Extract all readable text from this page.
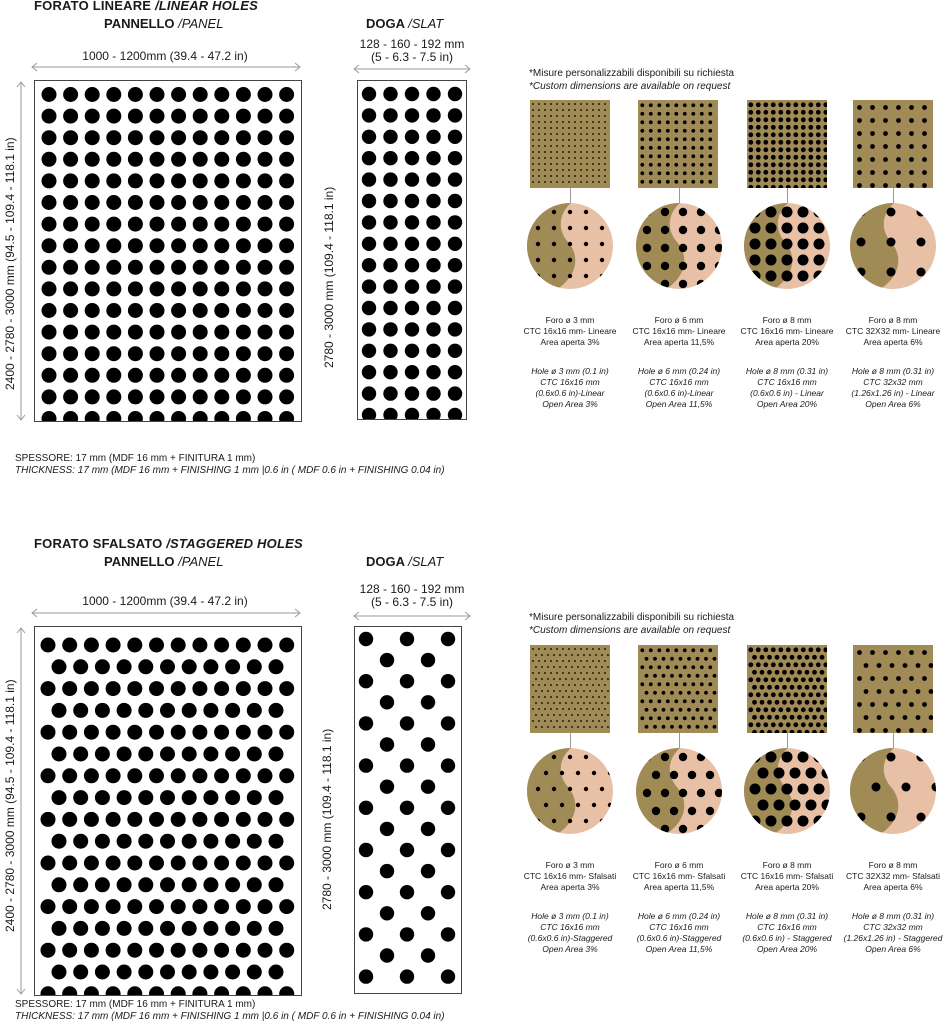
FORATO LINEARE /LINEAR HOLES
PANNELLO /PANEL	DOGA /SLAT
1000 - 1200mm (39.4 - 47.2 in)
128 - 160 - 192 mm
(5 - 6.3 - 7.5 in)
2400 - 2780 - 3000 mm (94.5 - 109.4 - 118.1 in)	2780 - 3000 mm (109.4 - 118.1 in)
*Misure personalizzabili disponibili su richiesta
*Custom dimensions are available on request
Foro ø 3 mm
CTC 16x16 mm- Lineare
Area aperta 3%
Hole ø 3 mm (0.1 in)
CTC 16x16 mm
(0.6x0.6 in)-Linear
Open Area 3%
Foro ø 6 mm
CTC 16x16 mm- Lineare
Area aperta 11,5%
Hole ø 6 mm (0.24 in)
CTC 16x16 mm
(0.6x0.6 in)-Linear
Open Area 11,5%
Foro ø 8 mm
CTC 16x16 mm- Lineare
Area aperta 20%
Hole ø 8 mm (0.31 in)
CTC 16x16 mm
(0.6x0.6 in) - Linear
Open Area 20%
Foro ø 8 mm
CTC 32X32 mm- Lineare
Area aperta 6%
Hole ø 8 mm (0.31 in)
CTC 32x32 mm
(1.26x1.26 in) - Linear
Open Area 6%
SPESSORE: 17 mm (MDF 16 mm + FINITURA 1 mm)
THICKNESS: 17 mm (MDF 16 mm + FINISHING 1 mm |0.6 in ( MDF 0.6 in + FINISHING 0.04 in)
FORATO SFALSATO /STAGGERED HOLES
PANNELLO /PANEL	DOGA /SLAT
1000 - 1200mm (39.4 - 47.2 in)
128 - 160 - 192 mm
(5 - 6.3 - 7.5 in)
2400 - 2780 - 3000 mm (94.5 - 109.4 - 118.1 in)	2780 - 3000 mm (109.4 - 118.1 in)
*Misure personalizzabili disponibili su richiesta
*Custom dimensions are available on request
Foro ø 3 mm
CTC 16x16 mm- Sfalsati
Area aperta 3%
Hole ø 3 mm (0.1 in)
CTC 16x16 mm
(0.6x0.6 in)-Staggered
Open Area 3%
Foro ø 6 mm
CTC 16x16 mm- Sfalsati
Area aperta 11,5%
Hole ø 6 mm (0.24 in)
CTC 16x16 mm
(0.6x0.6 in)-Staggered
Open Area 11,5%
Foro ø 8 mm
CTC 16x16 mm- Sfalsati
Area aperta 20%
Hole ø 8 mm (0.31 in)
CTC 16x16 mm
(0.6x0.6 in) - Staggered
Open Area 20%
Foro ø 8 mm
CTC 32X32 mm- Sfalsati
Area aperta 6%
Hole ø 8 mm (0.31 in)
CTC 32x32 mm
(1.26x1.26 in) - Staggered
Open Area 6%
SPESSORE: 17 mm (MDF 16 mm + FINITURA 1 mm)
THICKNESS: 17 mm (MDF 16 mm + FINISHING 1 mm |0.6 in ( MDF 0.6 in + FINISHING 0.04 in)
